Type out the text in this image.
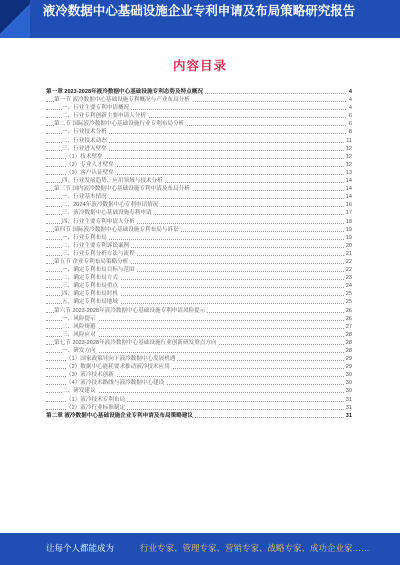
液冷数据中心基础设施企业专利申请及布局策略研究报告
内容目录
第一章 2023-2028年液冷数据中心基础设施专利态势及特点概况	4
第一节 液冷数据中心基础设施专利概况与产业布局分析	4
一、行业主要专利申请概况	4
二、行业专利创新主要申请人分析	6
第二节 国际液冷数据中心基础设施行业专利布局分析	6
一、行业技术分析	8
二、行业技术动态	11
三、行业进入壁垒	12
（1）技术壁垒	12
（2）专业人才壁垒	12
（3）客户认证壁垒	13
四、行业发展趋势、应用领域与技术分析	14
第三节 国内液冷数据中心基础设施专利申请及布局分析	14
一、行业基本情况	14
二、2024年液冷数据中心专利申请情况	16
三、液冷数据中心基础设施专利申请	17
四、行业主要专利申请人分析	18
第四节 国际液冷数据中心基础设施专利布局与诉讼	19
一、行业专利布局	19
二、行业主要专利诉讼案例	20
三、行业专利分析方法与流程	21
第五节 企业专利布局策略分析	22
一、确定专利布局目标与范围	22
二、确定专利布局方式	23
三、确定专利布局重点	24
四、确定专利布局时机	25
五、确定专利布局地域	25
第六节 2023-2028年液冷数据中心基础设施专利申请风险提示	26
一、风险提示	26
二、风险规避	27
三、风险应对	28
第七节 2023-2028年液冷数据中心基础设施行业创新研发重点方向	28
一、研发方向	28
（1）国家政策导向下液冷数据中心发展机遇	29
（2）数据中心能耗要求推动液冷技术应用	29
（3）液冷技术创新	30
（4）液冷技术路线与液冷数据中心建设	30
二、研发建议	30
（1）液冷技术专利布局	31
（2）液冷行业标准制定	31
第二章 液冷数据中心基础设施企业专利申请及布局策略建议	31
让每个人都能成为	行业专家、管理专家、营销专家、战略专家、成功企业家……
